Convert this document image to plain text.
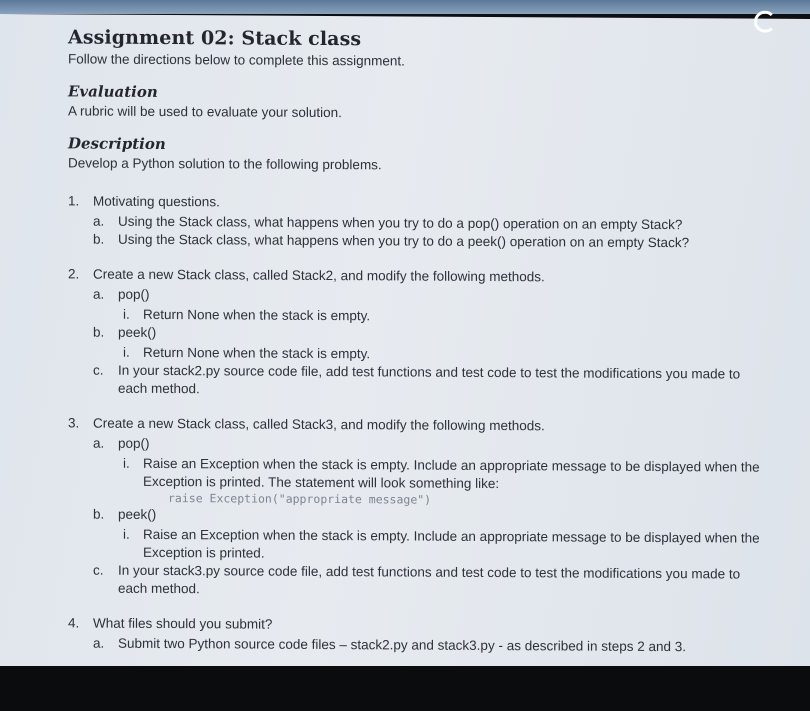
Assignment 02: Stack class

Follow the directions below to complete this assignment.

Evaluation

A rubric will be used to evaluate your solution.

Description

Develop a Python solution to the following problems.

1. Motivating questions.
a. Using the Stack class, what happens when you try to do a pop() operation on an empty Stack?
b. Using the Stack class, what happens when you try to do a peek() operation on an empty Stack?
2. Create a new Stack class, called Stack2, and modify the following methods.
a. pop()
i. Return None when the stack is empty.
b. peek()
i. Return None when the stack is empty.
c. In your stack2.py source code file, add test functions and test code to test the modifications you made to each method.
3. Create a new Stack class, called Stack3, and modify the following methods.
a. pop()
i. Raise an Exception when the stack is empty. Include an appropriate message to be displayed when the Exception is printed. The statement will look something like:
raise Exception("appropriate message")
b. peek()
i. Raise an Exception when the stack is empty. Include an appropriate message to be displayed when the Exception is printed.
c. In your stack3.py source code file, add test functions and test code to test the modifications you made to each method.
4. What files should you submit?
a. Submit two Python source code files – stack2.py and stack3.py - as described in steps 2 and 3.
